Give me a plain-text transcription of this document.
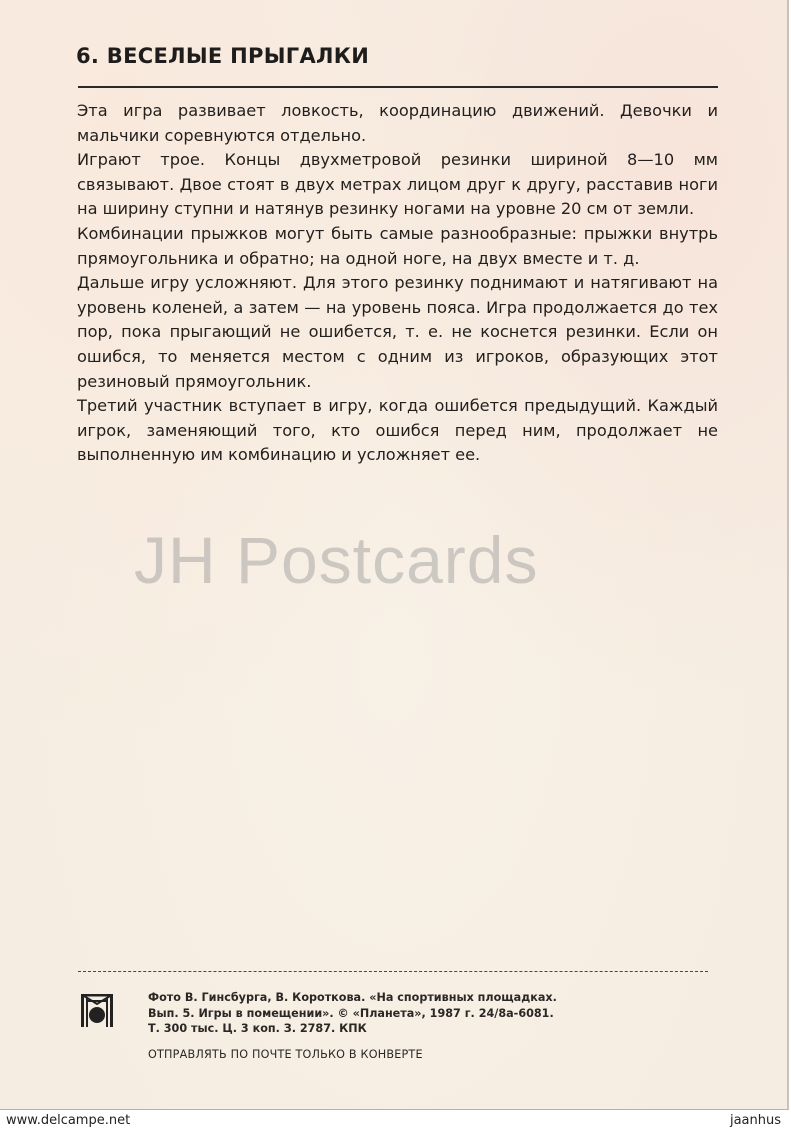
6. ВЕСЕЛЫЕ ПРЫГАЛКИ

Эта игра развивает ловкость, координацию движений. Девочки и мальчики соревнуются отдельно.

Играют трое. Концы двухметровой резинки шириной 8—10 мм связывают. Двое стоят в двух метрах лицом друг к другу, расставив ноги на ширину ступни и натянув резинку ногами на уровне 20 см от земли.

Комбинации прыжков могут быть самые разнообразные: прыжки внутрь прямоугольника и обратно; на одной ноге, на двух вместе и т. д.

Дальше игру усложняют. Для этого резинку поднимают и натягивают на уровень коленей, а затем — на уровень пояса. Игра продолжается до тех пор, пока прыгающий не ошибется, т. е. не коснется резинки. Если он ошибся, то меняется местом с одним из игроков, образующих этот резиновый прямоугольник.

Третий участник вступает в игру, когда ошибется предыдущий. Каждый игрок, заменяющий того, кто ошибся перед ним, продолжает не выполненную им комбинацию и усложняет ее.

JH Postcards
Фото В. Гинсбурга, В. Короткова. «На спортивных площадках.
Вып. 5. Игры в помещении». © «Планета», 1987 г. 24/8а-6081.
Т. 300 тыс. Ц. 3 коп. З. 2787. КПК
ОТПРАВЛЯТЬ ПО ПОЧТЕ ТОЛЬКО В КОНВЕРТЕ
www.delcampe.net	jaanhus
